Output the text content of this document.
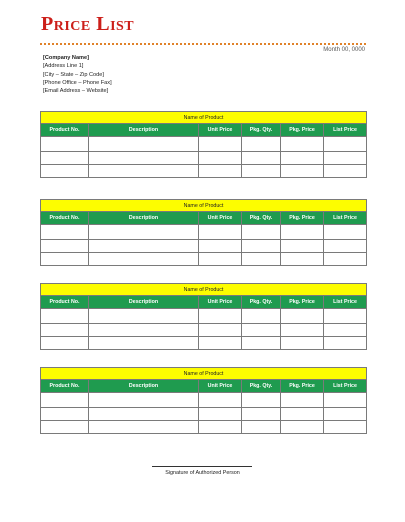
Price List
Month 00, 0000
[Company Name]
[Address Line 1]
[City – State – Zip Code]
[Phone Office – Phone Fax]
[Email Address – Website]
Name of Product					
Product No.	Description	Unit Price	Pkg. Qty.	Pkg. Price	List Price

Name of Product					
Product No.	Description	Unit Price	Pkg. Qty.	Pkg. Price	List Price

Name of Product					
Product No.	Description	Unit Price	Pkg. Qty.	Pkg. Price	List Price

Name of Product					
Product No.	Description	Unit Price	Pkg. Qty.	Pkg. Price	List Price

Signature of Authorized Person
